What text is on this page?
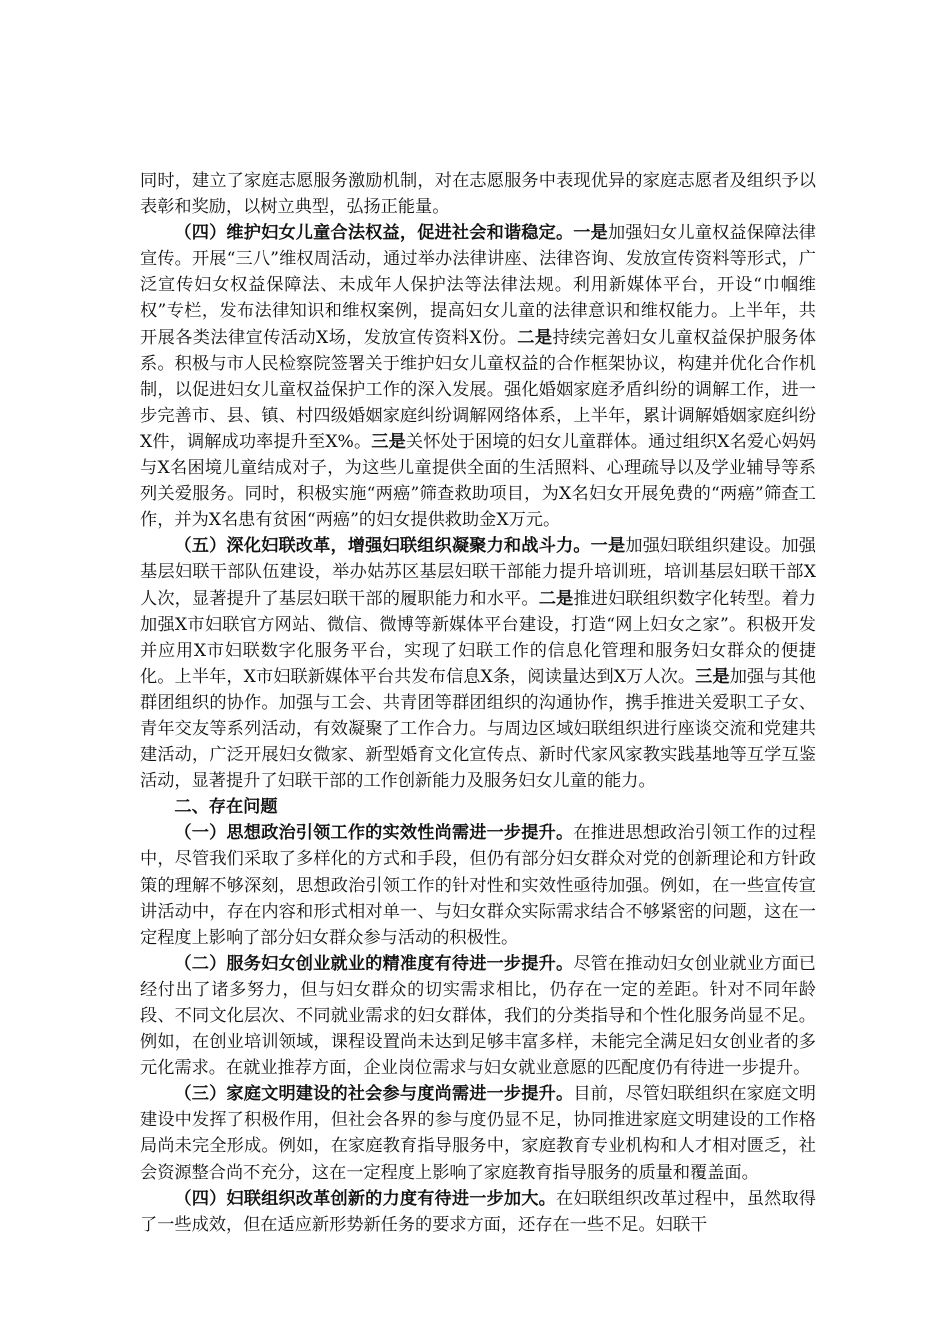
同时，建立了家庭志愿服务激励机制，对在志愿服务中表现优异的家庭志愿者及组织予以表彰和奖励，以树立典型，弘扬正能量。

（四）维护妇女儿童合法权益，促进社会和谐稳定。一是加强妇女儿童权益保障法律宣传。开展“三八”维权周活动，通过举办法律讲座、法律咨询、发放宣传资料等形式，广泛宣传妇女权益保障法、未成年人保护法等法律法规。利用新媒体平台，开设“巾帼维权”专栏，发布法律知识和维权案例，提高妇女儿童的法律意识和维权能力。上半年，共开展各类法律宣传活动X场，发放宣传资料X份。二是持续完善妇女儿童权益保护服务体系。积极与市人民检察院签署关于维护妇女儿童权益的合作框架协议，构建并优化合作机制，以促进妇女儿童权益保护工作的深入发展。强化婚姻家庭矛盾纠纷的调解工作，进一步完善市、县、镇、村四级婚姻家庭纠纷调解网络体系，上半年，累计调解婚姻家庭纠纷X件，调解成功率提升至X%。三是关怀处于困境的妇女儿童群体。通过组织X名爱心妈妈与X名困境儿童结成对子，为这些儿童提供全面的生活照料、心理疏导以及学业辅导等系列关爱服务。同时，积极实施“两癌”筛查救助项目，为X名妇女开展免费的“两癌”筛查工作，并为X名患有贫困“两癌”的妇女提供救助金X万元。

（五）深化妇联改革，增强妇联组织凝聚力和战斗力。一是加强妇联组织建设。加强基层妇联干部队伍建设，举办姑苏区基层妇联干部能力提升培训班，培训基层妇联干部X人次，显著提升了基层妇联干部的履职能力和水平。二是推进妇联组织数字化转型。着力加强X市妇联官方网站、微信、微博等新媒体平台建设，打造“网上妇女之家”。积极开发并应用X市妇联数字化服务平台，实现了妇联工作的信息化管理和服务妇女群众的便捷化。上半年，X市妇联新媒体平台共发布信息X条，阅读量达到X万人次。三是加强与其他群团组织的协作。加强与工会、共青团等群团组织的沟通协作，携手推进关爱职工子女、青年交友等系列活动，有效凝聚了工作合力。与周边区域妇联组织进行座谈交流和党建共建活动，广泛开展妇女微家、新型婚育文化宣传点、新时代家风家教实践基地等互学互鉴活动，显著提升了妇联干部的工作创新能力及服务妇女儿童的能力。

二、存在问题

（一）思想政治引领工作的实效性尚需进一步提升。在推进思想政治引领工作的过程中，尽管我们采取了多样化的方式和手段，但仍有部分妇女群众对党的创新理论和方针政策的理解不够深刻，思想政治引领工作的针对性和实效性亟待加强。例如，在一些宣传宣讲活动中，存在内容和形式相对单一、与妇女群众实际需求结合不够紧密的问题，这在一定程度上影响了部分妇女群众参与活动的积极性。

（二）服务妇女创业就业的精准度有待进一步提升。尽管在推动妇女创业就业方面已经付出了诸多努力，但与妇女群众的切实需求相比，仍存在一定的差距。针对不同年龄段、不同文化层次、不同就业需求的妇女群体，我们的分类指导和个性化服务尚显不足。例如，在创业培训领域，课程设置尚未达到足够丰富多样，未能完全满足妇女创业者的多元化需求。在就业推荐方面，企业岗位需求与妇女就业意愿的匹配度仍有待进一步提升。

（三）家庭文明建设的社会参与度尚需进一步提升。目前，尽管妇联组织在家庭文明建设中发挥了积极作用，但社会各界的参与度仍显不足，协同推进家庭文明建设的工作格局尚未完全形成。例如，在家庭教育指导服务中，家庭教育专业机构和人才相对匮乏，社会资源整合尚不充分，这在一定程度上影响了家庭教育指导服务的质量和覆盖面。

（四）妇联组织改革创新的力度有待进一步加大。在妇联组织改革过程中，虽然取得了一些成效，但在适应新形势新任务的要求方面，还存在一些不足。妇联干
